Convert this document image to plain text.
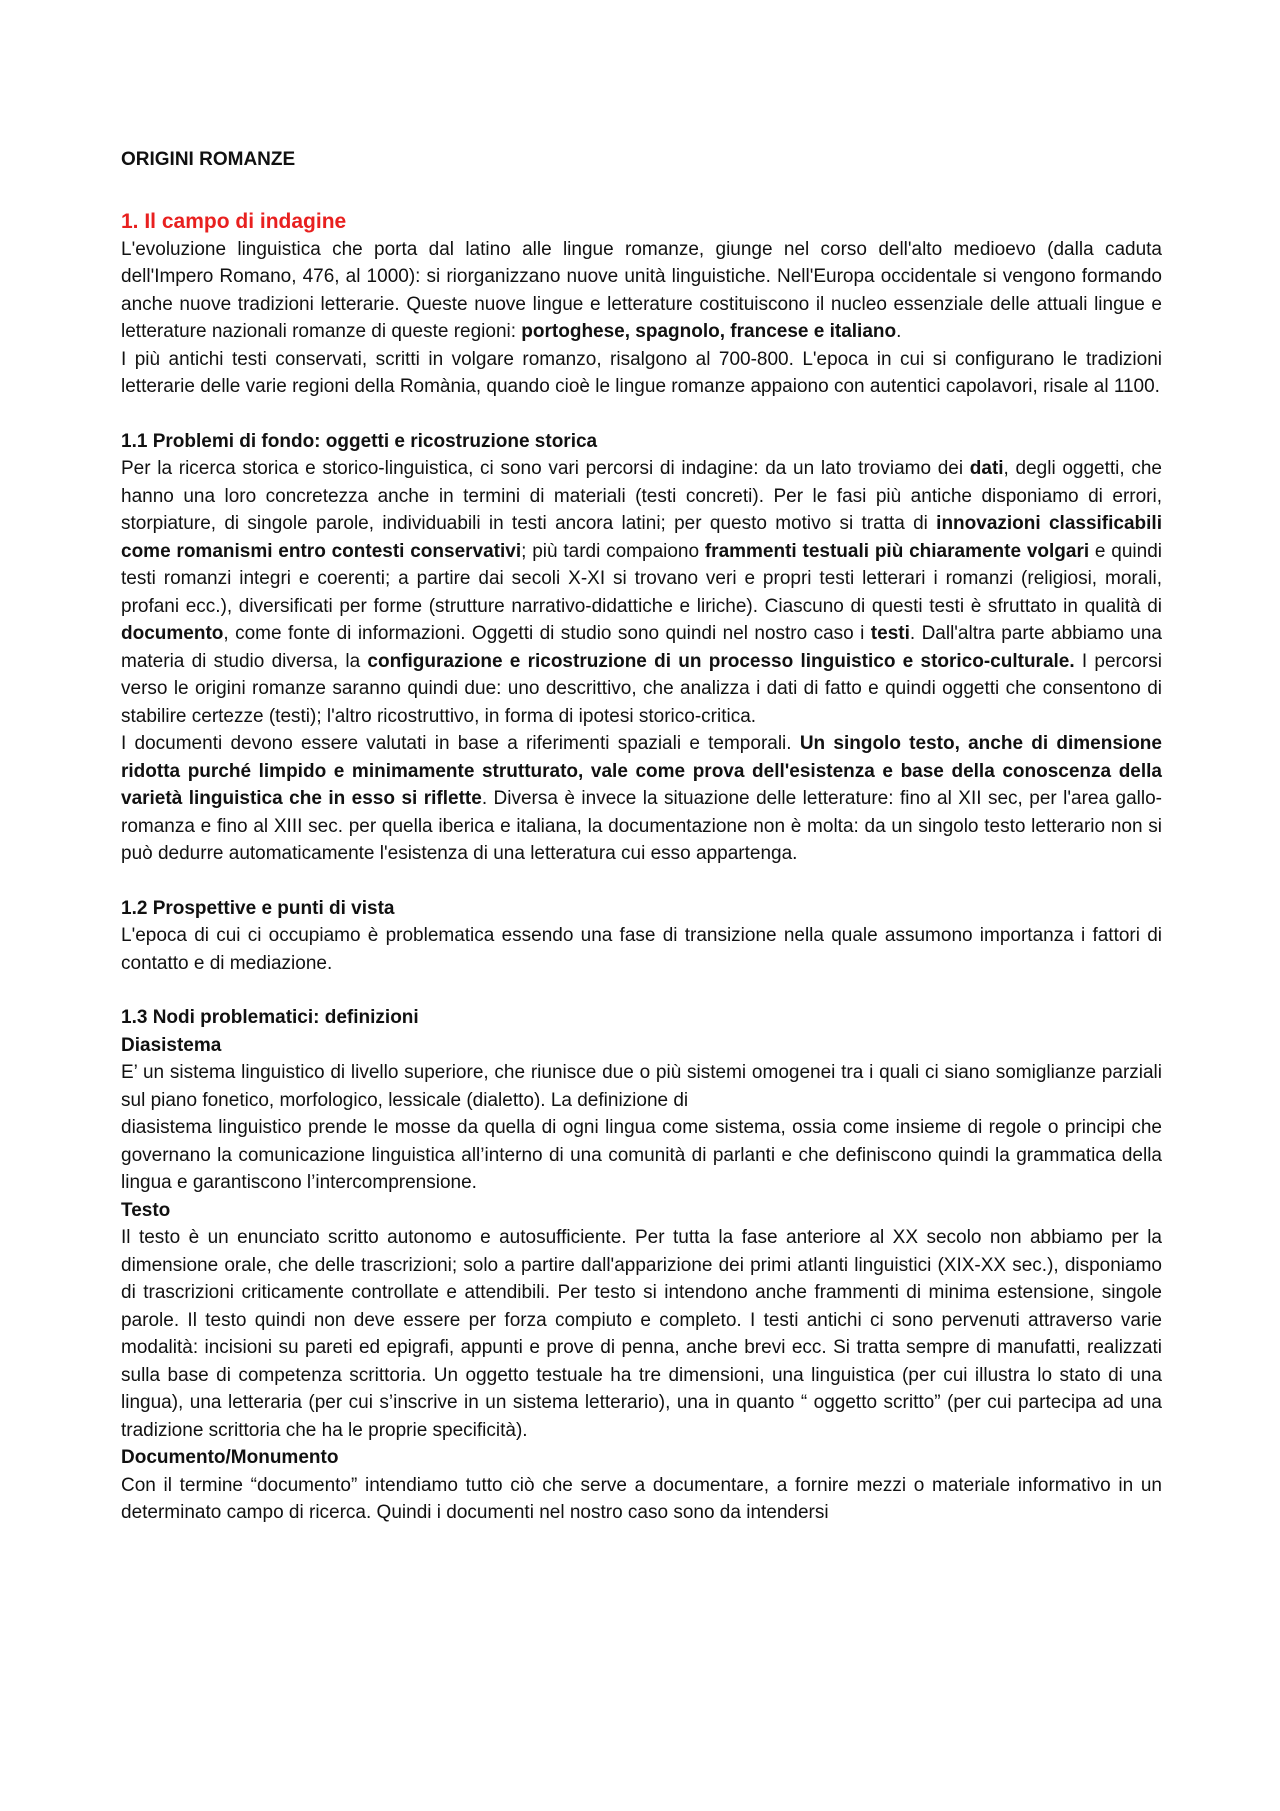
ORIGINI ROMANZE
1. Il campo di indagine

L'evoluzione linguistica che porta dal latino alle lingue romanze, giunge nel corso dell'alto medioevo (dalla caduta dell'Impero Romano, 476, al 1000): si riorganizzano nuove unità linguistiche. Nell'Europa occidentale si vengono formando anche nuove tradizioni letterarie. Queste nuove lingue e letterature costituiscono il nucleo essenziale delle attuali lingue e letterature nazionali romanze di queste regioni: portoghese, spagnolo, francese e italiano.

I più antichi testi conservati, scritti in volgare romanzo, risalgono al 700-800. L'epoca in cui si configurano le tradizioni letterarie delle varie regioni della Romània, quando cioè le lingue romanze appaiono con autentici capolavori, risale al 1100.

1.1 Problemi di fondo: oggetti e ricostruzione storica

Per la ricerca storica e storico-linguistica, ci sono vari percorsi di indagine: da un lato troviamo dei dati, degli oggetti, che hanno una loro concretezza anche in termini di materiali (testi concreti). Per le fasi più antiche disponiamo di errori, storpiature, di singole parole, individuabili in testi ancora latini; per questo motivo si tratta di innovazioni classificabili come romanismi entro contesti conservativi; più tardi compaiono frammenti testuali più chiaramente volgari e quindi testi romanzi integri e coerenti; a partire dai secoli X-XI si trovano veri e propri testi letterari i romanzi (religiosi, morali, profani ecc.), diversificati per forme (strutture narrativo-didattiche e liriche). Ciascuno di questi testi è sfruttato in qualità di documento, come fonte di informazioni. Oggetti di studio sono quindi nel nostro caso i testi. Dall'altra parte abbiamo una materia di studio diversa, la configurazione e ricostruzione di un processo linguistico e storico-culturale. I percorsi verso le origini romanze saranno quindi due: uno descrittivo, che analizza i dati di fatto e quindi oggetti che consentono di stabilire certezze (testi); l'altro ricostruttivo, in forma di ipotesi storico-critica.

I documenti devono essere valutati in base a riferimenti spaziali e temporali. Un singolo testo, anche di dimensione ridotta purché limpido e minimamente strutturato, vale come prova dell'esistenza e base della conoscenza della varietà linguistica che in esso si riflette. Diversa è invece la situazione delle letterature: fino al XII sec, per l'area gallo-romanza e fino al XIII sec. per quella iberica e italiana, la documentazione non è molta: da un singolo testo letterario non si può dedurre automaticamente l'esistenza di una letteratura cui esso appartenga.

1.2 Prospettive e punti di vista

L'epoca di cui ci occupiamo è problematica essendo una fase di transizione nella quale assumono importanza i fattori di contatto e di mediazione.

1.3 Nodi problematici: definizioni
Diasistema

E’ un sistema linguistico di livello superiore, che riunisce due o più sistemi omogenei tra i quali ci siano somiglianze parziali sul piano fonetico, morfologico, lessicale (dialetto). La definizione di

diasistema linguistico prende le mosse da quella di ogni lingua come sistema, ossia come insieme di regole o principi che governano la comunicazione linguistica all’interno di una comunità di parlanti e che definiscono quindi la grammatica della lingua e garantiscono l’intercomprensione.

Testo

Il testo è un enunciato scritto autonomo e autosufficiente. Per tutta la fase anteriore al XX secolo non abbiamo per la dimensione orale, che delle trascrizioni; solo a partire dall'apparizione dei primi atlanti linguistici (XIX-XX sec.), disponiamo di trascrizioni criticamente controllate e attendibili. Per testo si intendono anche frammenti di minima estensione, singole parole. Il testo quindi non deve essere per forza compiuto e completo. I testi antichi ci sono pervenuti attraverso varie modalità: incisioni su pareti ed epigrafi, appunti e prove di penna, anche brevi ecc. Si tratta sempre di manufatti, realizzati sulla base di competenza scrittoria. Un oggetto testuale ha tre dimensioni, una linguistica (per cui illustra lo stato di una lingua), una letteraria (per cui s’inscrive in un sistema letterario), una in quanto “ oggetto scritto” (per cui partecipa ad una tradizione scrittoria che ha le proprie specificità).

Documento/Monumento

Con il termine “documento” intendiamo tutto ciò che serve a documentare, a fornire mezzi o materiale informativo in un determinato campo di ricerca. Quindi i documenti nel nostro caso sono da intendersi
